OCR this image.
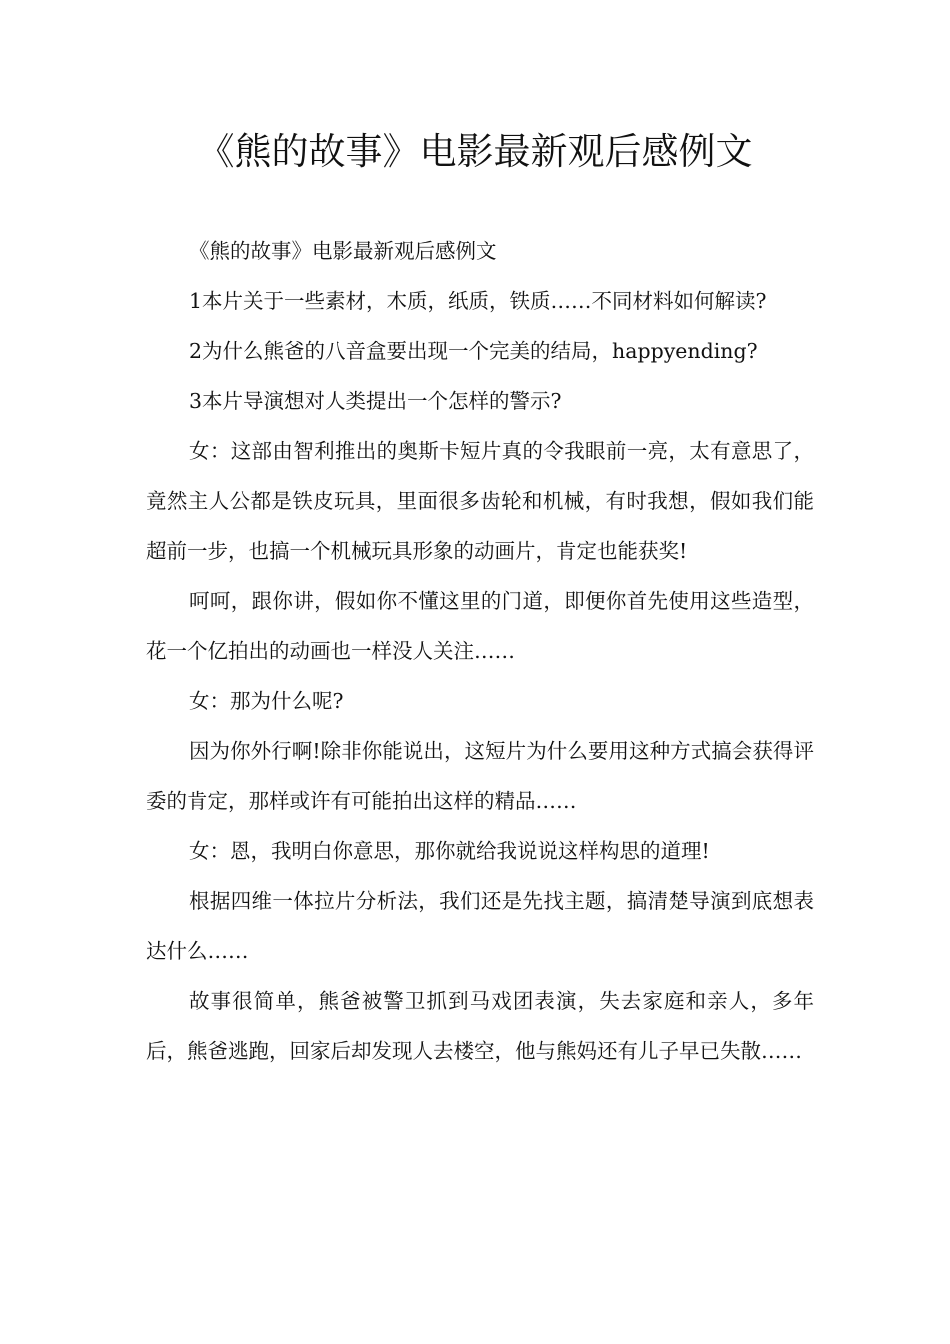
《熊的故事》电影最新观后感例文

《熊的故事》电影最新观后感例文

1本片关于一些素材，木质，纸质，铁质……不同材料如何解读?

2为什么熊爸的八音盒要出现一个完美的结局，happyending?

3本片导演想对人类提出一个怎样的警示?

女：这部由智利推出的奥斯卡短片真的令我眼前一亮，太有意思了，竟然主人公都是铁皮玩具，里面很多齿轮和机械，有时我想，假如我们能超前一步，也搞一个机械玩具形象的动画片，肯定也能获奖!

呵呵，跟你讲，假如你不懂这里的门道，即便你首先使用这些造型，花一个亿拍出的动画也一样没人关注……

女：那为什么呢?

因为你外行啊!除非你能说出，这短片为什么要用这种方式搞会获得评委的肯定，那样或许有可能拍出这样的精品……

女：恩，我明白你意思，那你就给我说说这样构思的道理!

根据四维一体拉片分析法，我们还是先找主题，搞清楚导演到底想表达什么……

故事很简单，熊爸被警卫抓到马戏团表演，失去家庭和亲人，多年后，熊爸逃跑，回家后却发现人去楼空，他与熊妈还有儿子早已失散……
